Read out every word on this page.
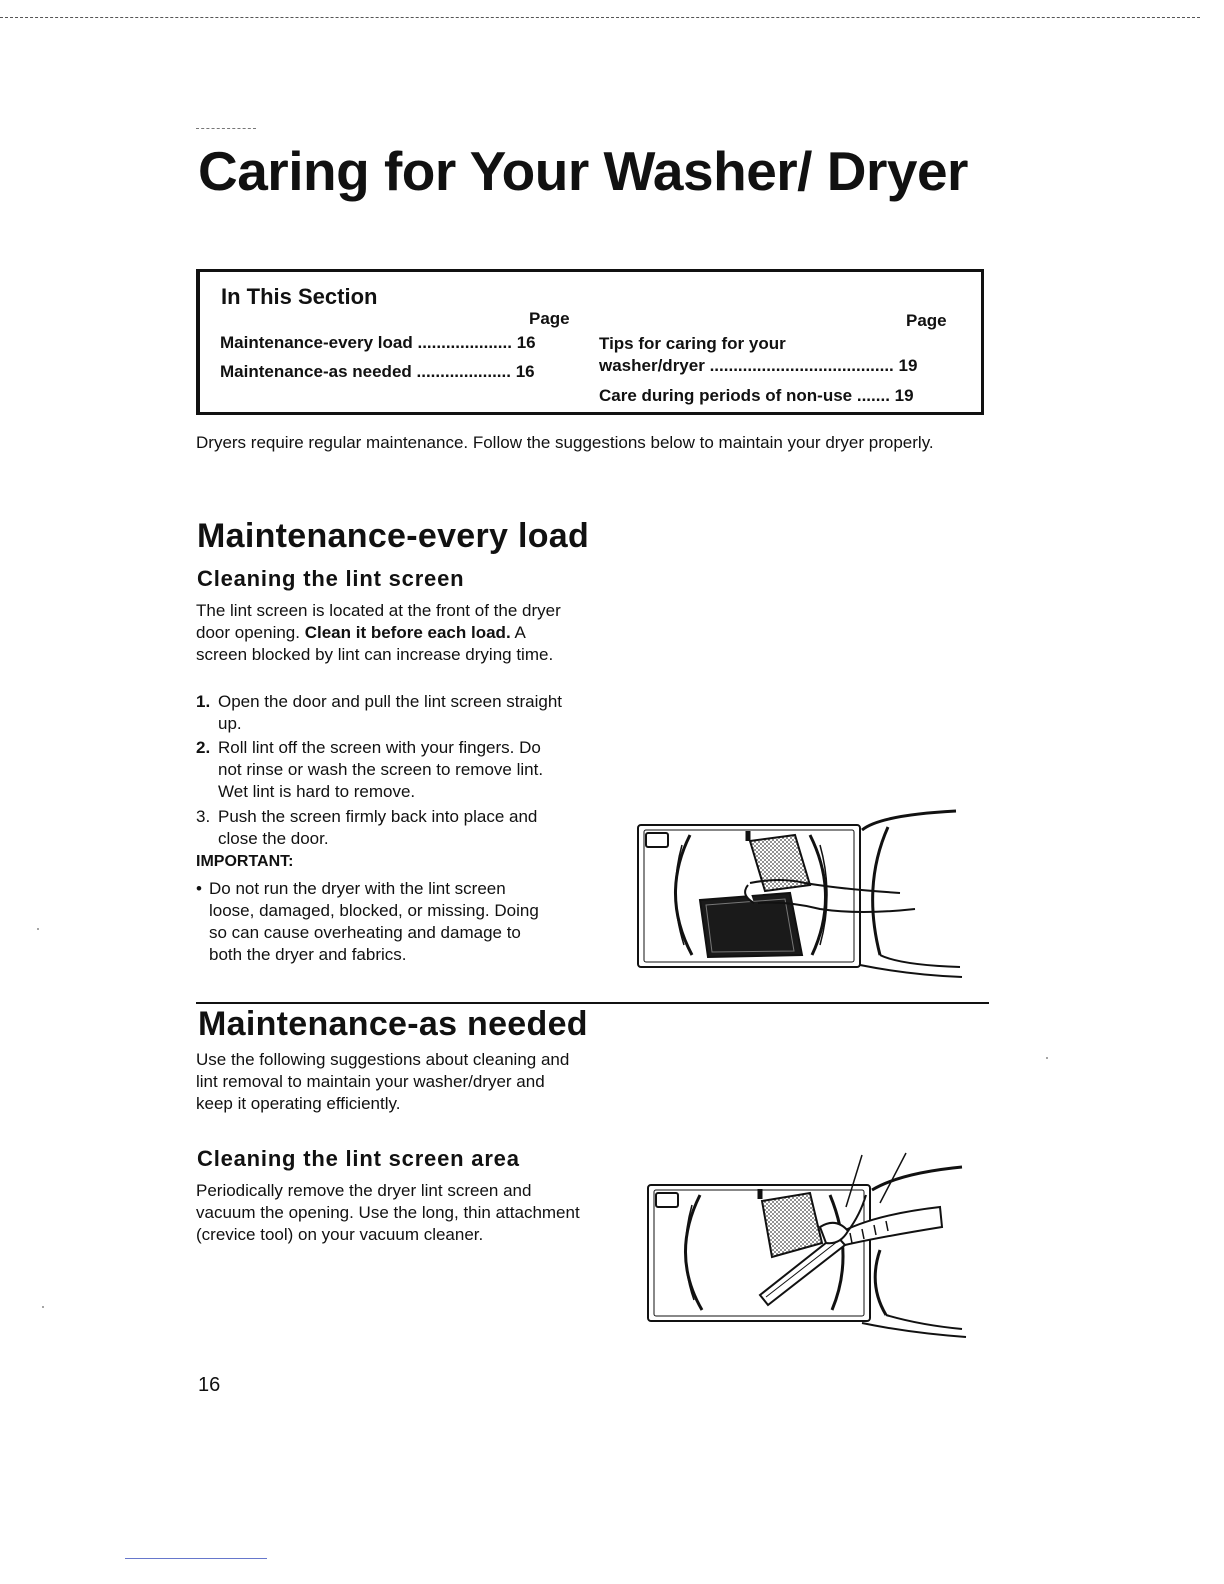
Caring for Your Washer/ Dryer
In This Section
Page	Page
Maintenance-every load .................... 16
Maintenance-as needed .................... 16
Tips for caring for your
washer/dryer ....................................... 19
Care during periods of non-use ....... 19

Dryers require regular maintenance. Follow the suggestions below to maintain your dryer properly.

Maintenance-every load
Cleaning the lint screen

The lint screen is located at the front of the dryer door opening. Clean it before each load. A screen blocked by lint can increase drying time.

1. Open the door and pull the lint screen straight up.
2. Roll lint off the screen with your fingers. Do not rinse or wash the screen to remove lint. Wet lint is hard to remove.
3. Push the screen firmly back into place and close the door.
IMPORTANT:
• Do not run the dryer with the lint screen loose, damaged, blocked, or missing. Doing so can cause overheating and damage to both the dryer and fabrics.
Maintenance-as needed

Use the following suggestions about cleaning and lint removal to maintain your washer/dryer and keep it operating efficiently.

Cleaning the lint screen area

Periodically remove the dryer lint screen and vacuum the opening. Use the long, thin attachment (crevice tool) on your vacuum cleaner.

16
